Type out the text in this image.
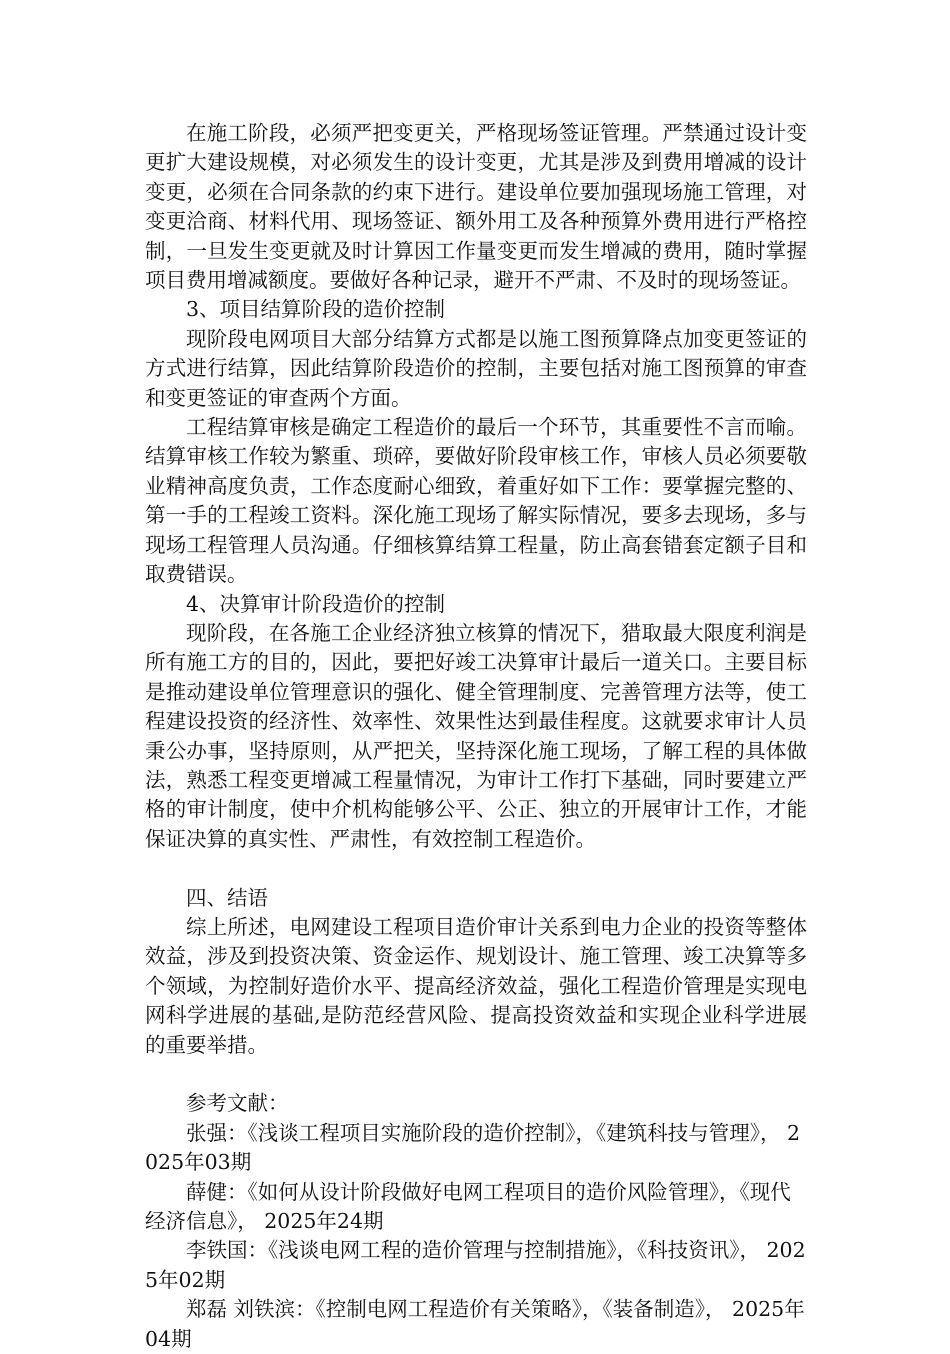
在施工阶段，必须严把变更关，严格现场签证管理。严禁通过设计变更扩大建设规模，对必须发生的设计变更，尤其是涉及到费用增减的设计变更，必须在合同条款的约束下进行。建设单位要加强现场施工管理，对变更洽商、材料代用、现场签证、额外用工及各种预算外费用进行严格控制，一旦发生变更就及时计算因工作量变更而发生增减的费用，随时掌握项目费用增减额度。要做好各种记录，避开不严肃、不及时的现场签证。

3、项目结算阶段的造价控制

现阶段电网项目大部分结算方式都是以施工图预算降点加变更签证的方式进行结算，因此结算阶段造价的控制，主要包括对施工图预算的审查和变更签证的审查两个方面。

工程结算审核是确定工程造价的最后一个环节，其重要性不言而喻。结算审核工作较为繁重、琐碎，要做好阶段审核工作，审核人员必须要敬业精神高度负责，工作态度耐心细致，着重好如下工作：要掌握完整的、第一手的工程竣工资料。深化施工现场了解实际情况，要多去现场，多与现场工程管理人员沟通。仔细核算结算工程量，防止高套错套定额子目和取费错误。

4、决算审计阶段造价的控制

现阶段，在各施工企业经济独立核算的情况下，猎取最大限度利润是所有施工方的目的，因此，要把好竣工决算审计最后一道关口。主要目标是推动建设单位管理意识的强化、健全管理制度、完善管理方法等，使工程建设投资的经济性、效率性、效果性达到最佳程度。这就要求审计人员秉公办事，坚持原则，从严把关，坚持深化施工现场，了解工程的具体做法，熟悉工程变更增减工程量情况，为审计工作打下基础，同时要建立严格的审计制度，使中介机构能够公平、公正、独立的开展审计工作，才能保证决算的真实性、严肃性，有效控制工程造价。

四、结语

综上所述，电网建设工程项目造价审计关系到电力企业的投资等整体效益，涉及到投资决策、资金运作、规划设计、施工管理、竣工决算等多个领域，为控制好造价水平、提高经济效益，强化工程造价管理是实现电网科学进展的基础,是防范经营风险、提高投资效益和实现企业科学进展的重要举措。

参考文献：

张强：《浅谈工程项目实施阶段的造价控制》，《建筑科技与管理》， 2025年03期

薛健：《如何从设计阶段做好电网工程项目的造价风险管理》，《现代经济信息》， 2025年24期

李铁国：《浅谈电网工程的造价管理与控制措施》，《科技资讯》， 2025年02期

郑磊 刘铁滨：《控制电网工程造价有关策略》，《装备制造》， 2025年04期
